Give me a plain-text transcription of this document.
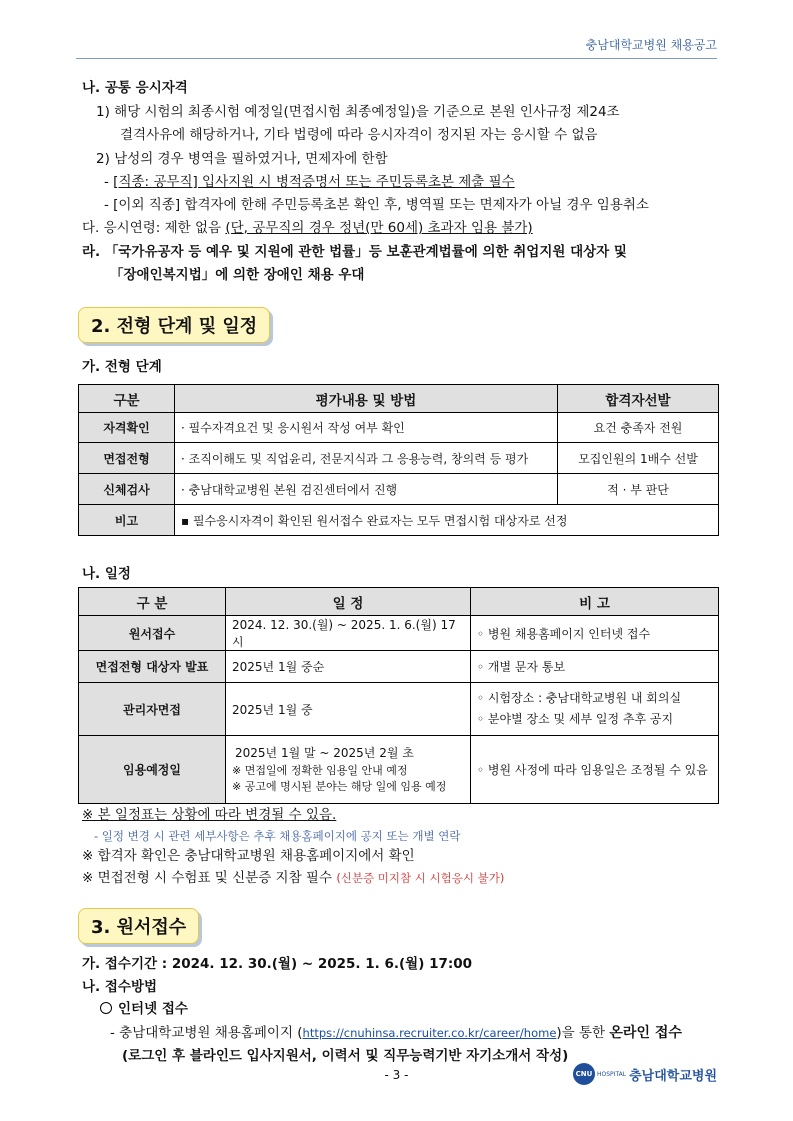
충남대학교병원 채용공고
나. 공통 응시자격
1) 해당 시험의 최종시험 예정일(면접시험 최종예정일)을 기준으로 본원 인사규정 제24조
결격사유에 해당하거나, 기타 법령에 따라 응시자격이 정지된 자는 응시할 수 없음
2) 남성의 경우 병역을 필하였거나, 면제자에 한함
- [직종: 공무직] 입사지원 시 병적증명서 또는 주민등록초본 제출 필수
- [이외 직종] 합격자에 한해 주민등록초본 확인 후, 병역필 또는 면제자가 아닐 경우 임용취소
다. 응시연령: 제한 없음 (단, 공무직의 경우 정년(만 60세) 초과자 임용 불가)
라. 「국가유공자 등 예우 및 지원에 관한 법률」등 보훈관계법률에 의한 취업지원 대상자 및
「장애인복지법」에 의한 장애인 채용 우대
2. 전형 단계 및 일정
가. 전형 단계
구분	평가내용 및 방법	합격자선발
자격확인	· 필수자격요건 및 응시원서 작성 여부 확인	요건 충족자 전원
면접전형	· 조직이해도 및 직업윤리, 전문지식과 그 응용능력, 창의력 등 평가	모집인원의 1배수 선발
신체검사	· 충남대학교병원 본원 검진센터에서 진행	적 · 부 판단
비고	▪ 필수응시자격이 확인된 원서접수 완료자는 모두 면접시험 대상자로 선정	
나. 일정
구 분	일 정	비 고
원서접수	2024. 12. 30.(월) ~ 2025. 1. 6.(월) 17시	◦ 병원 채용홈페이지 인터넷 접수
면접전형 대상자 발표	2025년 1월 중순	◦ 개별 문자 통보
관리자면접	2025년 1월 중	◦ 시험장소 : 충남대학교병원 내 회의실
◦ 분야별 장소 및 세부 일정 추후 공지

임용예정일	2025년 1월 말 ~ 2025년 2월 초
※ 면접일에 정확한 임용일 안내 예정
※ 공고에 명시된 분야는 해당 일에 임용 예정	◦ 병원 사정에 따라 임용일은 조정될 수 있음
※ 본 일정표는 상황에 따라 변경될 수 있음.
- 일정 변경 시 관련 세부사항은 추후 채용홈페이지에 공지 또는 개별 연락
※ 합격자 확인은 충남대학교병원 채용홈페이지에서 확인
※ 면접전형 시 수험표 및 신분증 지참 필수 (신분증 미지참 시 시험응시 불가)
3. 원서접수
가. 접수기간 : 2024. 12. 30.(월) ~ 2025. 1. 6.(월) 17:00
나. 접수방법
인터넷 접수
- 충남대학교병원 채용홈페이지 (https://cnuhinsa.recruiter.co.kr/career/home)을 통한 온라인 접수
(로그인 후 블라인드 입사지원서, 이력서 및 직무능력기반 자기소개서 작성)
- 3 -	CNU HOSPITAL 충남대학교병원
